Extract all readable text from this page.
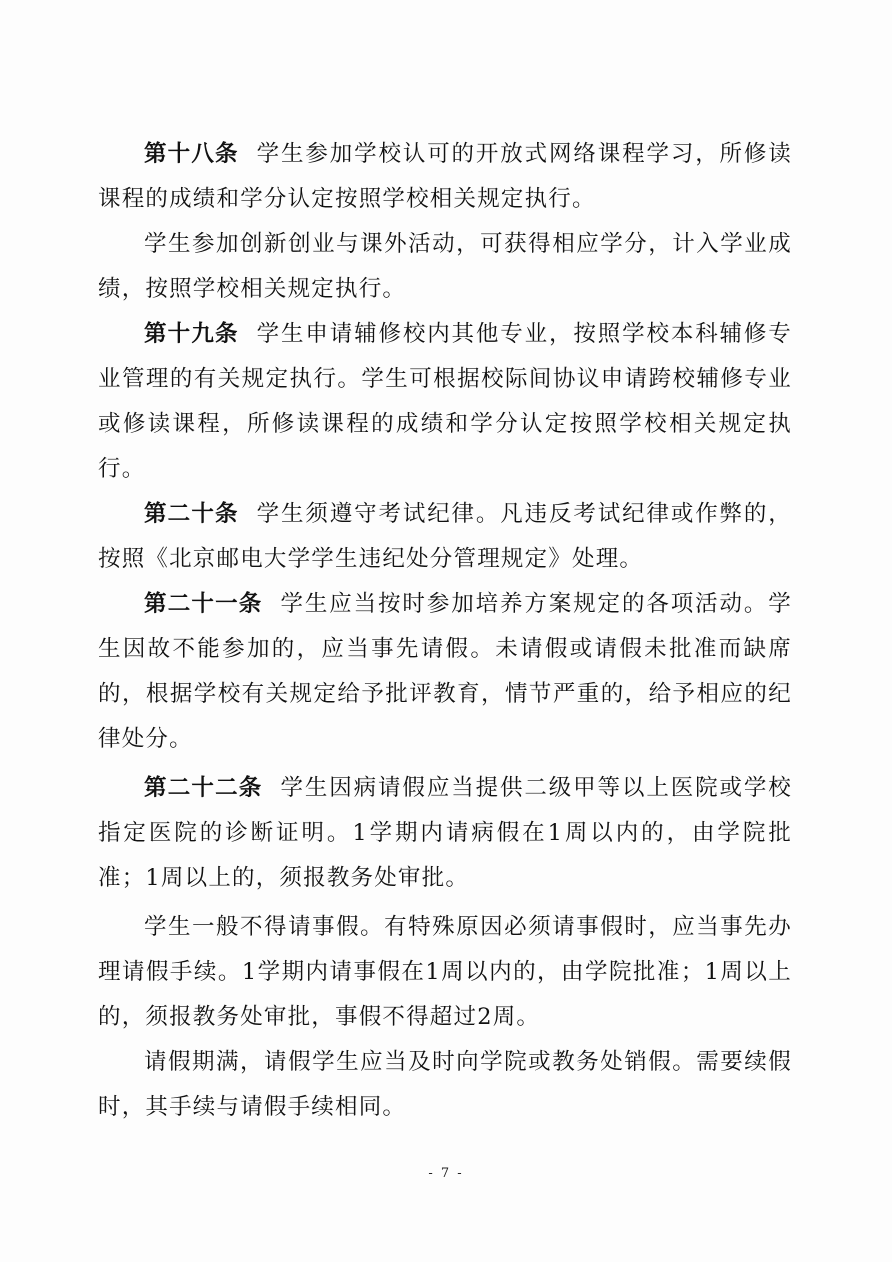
第十八条 学生参加学校认可的开放式网络课程学习，所修读课程的成绩和学分认定按照学校相关规定执行。

学生参加创新创业与课外活动，可获得相应学分，计入学业成绩，按照学校相关规定执行。

第十九条 学生申请辅修校内其他专业，按照学校本科辅修专业管理的有关规定执行。学生可根据校际间协议申请跨校辅修专业或修读课程，所修读课程的成绩和学分认定按照学校相关规定执行。

第二十条 学生须遵守考试纪律。凡违反考试纪律或作弊的，按照《北京邮电大学学生违纪处分管理规定》处理。

第二十一条 学生应当按时参加培养方案规定的各项活动。学生因故不能参加的，应当事先请假。未请假或请假未批准而缺席的，根据学校有关规定给予批评教育，情节严重的，给予相应的纪律处分。

第二十二条 学生因病请假应当提供二级甲等以上医院或学校指定医院的诊断证明。1学期内请病假在1周以内的，由学院批准；1周以上的，须报教务处审批。

学生一般不得请事假。有特殊原因必须请事假时，应当事先办理请假手续。1学期内请事假在1周以内的，由学院批准；1周以上的，须报教务处审批，事假不得超过2周。

请假期满，请假学生应当及时向学院或教务处销假。需要续假时，其手续与请假手续相同。

- 7 -
